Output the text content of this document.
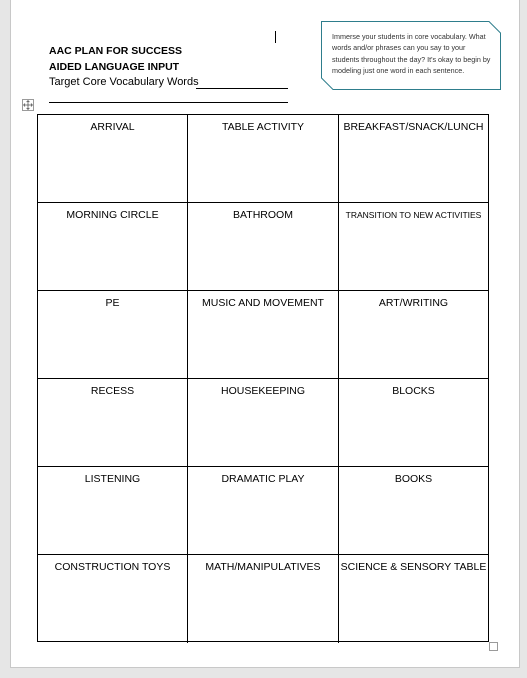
AAC PLAN FOR SUCCESS
AIDED LANGUAGE INPUT
Target Core Vocabulary Words
Immerse your students in core vocabulary. What words and/or phrases can you say to your students throughout the day? It's okay to begin by modeling just one word in each sentence.
ARRIVAL	TABLE ACTIVITY	BREAKFAST/SNACK/LUNCH
MORNING CIRCLE	BATHROOM	TRANSITION TO NEW ACTIVITIES
PE	MUSIC AND MOVEMENT	ART/WRITING
RECESS	HOUSEKEEPING	BLOCKS
LISTENING	DRAMATIC PLAY	BOOKS
CONSTRUCTION TOYS	MATH/MANIPULATIVES	SCIENCE & SENSORY TABLE
